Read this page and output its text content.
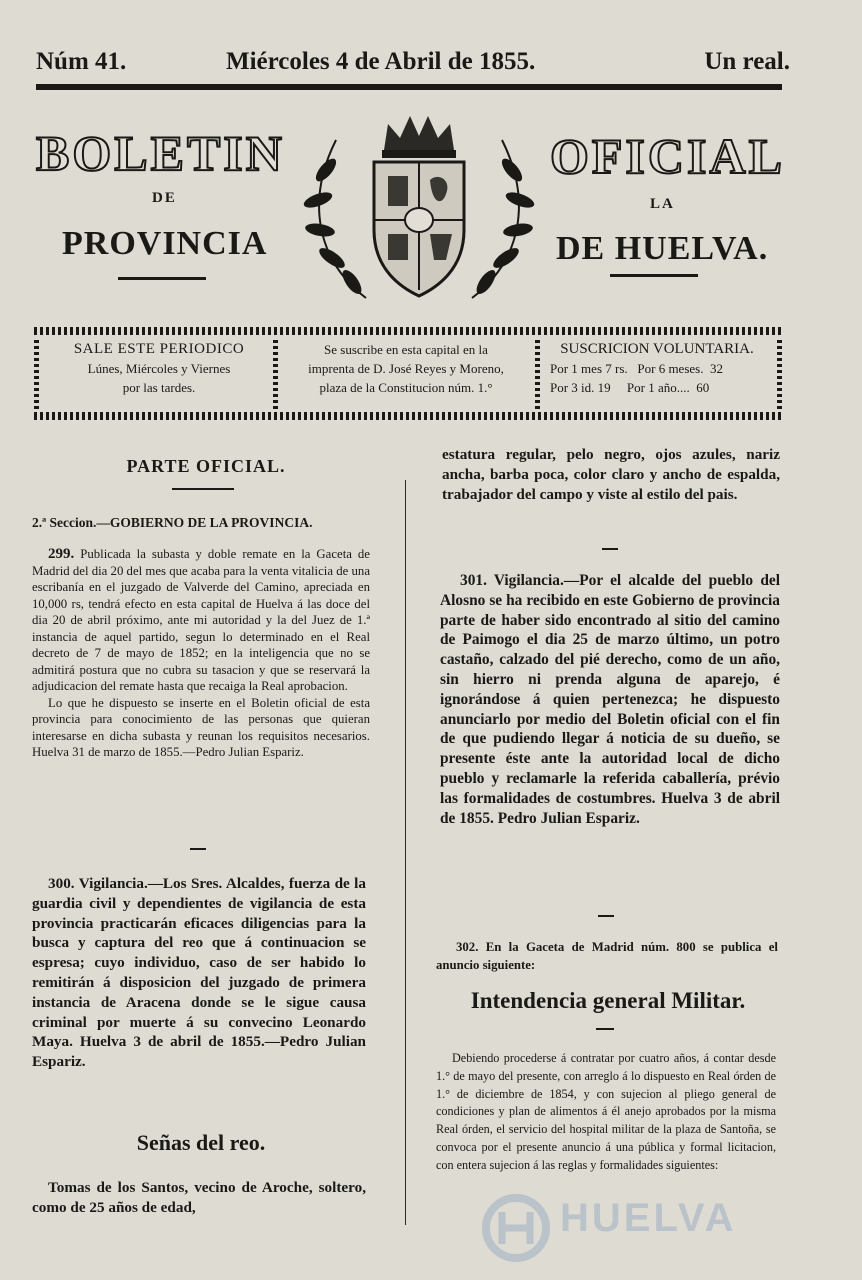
Núm 41.	Miércoles 4 de Abril de 1855.	Un real.
BOLETIN	OFICIAL
DE	LA
PROVINCIA	DE HUELVA.
SALE ESTE PERIODICO
Lúnes, Miércoles y Viernes
por las tardes.
Se suscribe en esta capital en la
imprenta de D. José Reyes y Moreno,
plaza de la Constitucion núm. 1.°
SUSCRICION VOLUNTARIA.
Por 1 mes 7 rs.   Por 6 meses.  32
Por 3 id. 19     Por 1 año....  60
PARTE OFICIAL.
2.ª Seccion.—GOBIERNO DE LA PROVINCIA.

299. Publicada la subasta y doble remate en la Gaceta de Madrid del dia 20 del mes que acaba para la venta vitalicia de una escribanía en el juzgado de Valverde del Camino, apreciada en 10,000 rs, tendrá efecto en esta capital de Huelva á las doce del dia 20 de abril próximo, ante mi autoridad y la del Juez de 1.ª instancia de aquel partido, segun lo determinado en el Real decreto de 7 de mayo de 1852; en la inteligencia que no se admitirá postura que no cubra su tasacion y que se reservará la adjudicacion del remate hasta que recaiga la Real aprobacion.

Lo que he dispuesto se inserte en el Boletin oficial de esta provincia para conocimiento de las personas que quieran interesarse en dicha subasta y reunan los requisitos necesarios. Huelva 31 de marzo de 1855.—Pedro Julian Espariz.

300. Vigilancia.—Los Sres. Alcaldes, fuerza de la guardia civil y dependientes de vigilancia de esta provincia practicarán eficaces diligencias para la busca y captura del reo que á continuacion se espresa; cuyo individuo, caso de ser habido lo remitirán á disposicion del juzgado de primera instancia de Aracena donde se le sigue causa criminal por muerte á su convecino Leonardo Maya. Huelva 3 de abril de 1855.—Pedro Julian Espariz.
Señas del reo.
Tomas de los Santos, vecino de Aroche, soltero, como de 25 años de edad,
estatura regular, pelo negro, ojos azules, nariz ancha, barba poca, color claro y ancho de espalda, trabajador del campo y viste al estilo del pais.
301. Vigilancia.—Por el alcalde del pueblo del Alosno se ha recibido en este Gobierno de provincia parte de haber sido encontrado al sitio del camino de Paimogo el dia 25 de marzo último, un potro castaño, calzado del pié derecho, como de un año, sin hierro ni prenda alguna de aparejo, é ignorándose á quien pertenezca; he dispuesto anunciarlo por medio del Boletin oficial con el fin de que pudiendo llegar á noticia de su dueño, se presente éste ante la autoridad local de dicho pueblo y reclamarle la referida caballería, prévio las formalidades de costumbres. Huelva 3 de abril de 1855. Pedro Julian Espariz.
302. En la Gaceta de Madrid núm. 800 se publica el anuncio siguiente:
Intendencia general Militar.
Debiendo procederse á contratar por cuatro años, á contar desde 1.° de mayo del presente, con arreglo á lo dispuesto en Real órden de 1.° de diciembre de 1854, y con sujecion al pliego general de condiciones y plan de alimentos á él anejo aprobados por la misma Real órden, el servicio del hospital militar de la plaza de Santoña, se convoca por el presente anuncio á una pública y formal licitacion, con entera sujecion á las reglas y formalidades siguientes:
HUELVA
